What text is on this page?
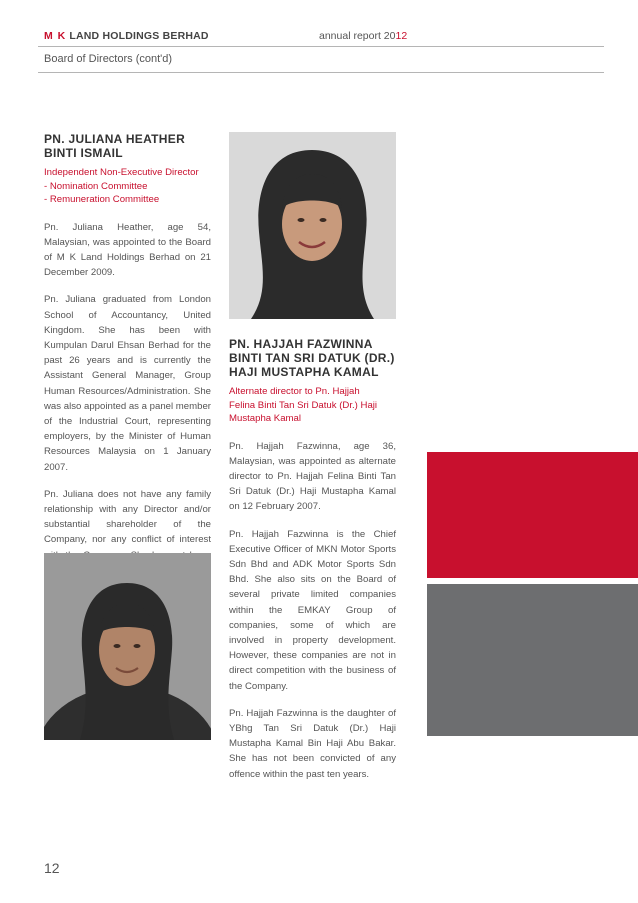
M K LAND HOLDINGS BERHAD	annual report 2012
Board of Directors (cont'd)
PN. JULIANA HEATHER
BINTI ISMAIL
Independent Non-Executive Director
- Nomination Committee
- Remuneration Committee

Pn. Juliana Heather, age 54, Malaysian, was appointed to the Board of M K Land Holdings Berhad on 21 December 2009.

Pn. Juliana graduated from London School of Accountancy, United Kingdom. She has been with Kumpulan Darul Ehsan Berhad for the past 26 years and is currently the Assistant General Manager, Group Human Resources/Administration. She was also appointed as a panel member of the Industrial Court, representing employers, by the Minister of Human Resources Malaysia on 1 January 2007.

Pn. Juliana does not have any family relationship with any Director and/or substantial shareholder of the Company, nor any conflict of interest

PN. HAJJAH FAZWINNA
BINTI TAN SRI DATUK (DR.)
HAJI MUSTAPHA KAMAL
Alternate director to Pn. Hajjah
Felina Binti Tan Sri Datuk (Dr.) Haji
Mustapha Kamal

Pn. Hajjah Fazwinna, age 36, Malaysian, was appointed as alternate director to Pn. Hajjah Felina Binti Tan Sri Datuk (Dr.) Haji Mustapha Kamal on 12 February 2007.

Pn. Hajjah Fazwinna is the Chief Executive Officer of MKN Motor Sports Sdn Bhd and ADK Motor Sports Sdn Bhd. She also sits on the Board of several private limited companies within the EMKAY Group of companies, some of which are involved in property development. However, these companies are not in direct competition with the business of the Company.

Pn. Hajjah Fazwinna is the daughter of YBhg Tan Sri Datuk (Dr.) Haji Mustapha Kamal Bin Haji Abu Bakar. She has not been convicted of any offence within the past ten years.

12
